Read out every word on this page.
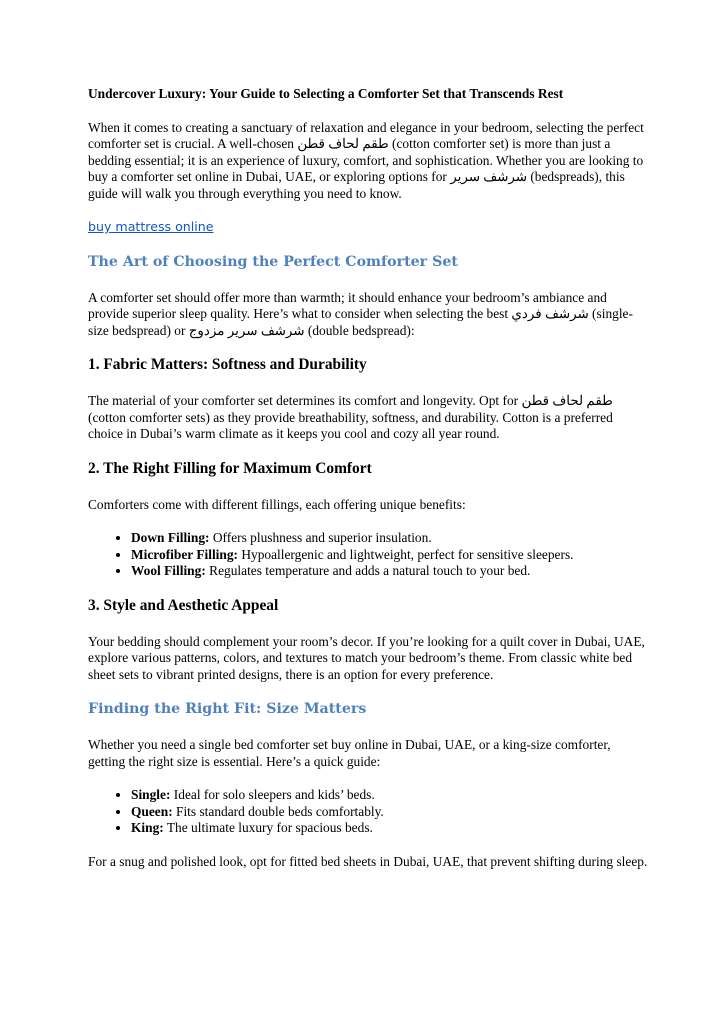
Undercover Luxury: Your Guide to Selecting a Comforter Set that Transcends Rest

When it comes to creating a sanctuary of relaxation and elegance in your bedroom, selecting the perfect comforter set is crucial. A well-chosen طقم لحاف قطن (cotton comforter set) is more than just a bedding essential; it is an experience of luxury, comfort, and sophistication. Whether you are looking to buy a comforter set online in Dubai, UAE, or exploring options for شرشف سرير (bedspreads), this guide will walk you through everything you need to know.

buy mattress online
The Art of Choosing the Perfect Comforter Set

A comforter set should offer more than warmth; it should enhance your bedroom’s ambiance and provide superior sleep quality. Here’s what to consider when selecting the best شرشف فردي (single-size bedspread) or شرشف سرير مزدوج (double bedspread):

1. Fabric Matters: Softness and Durability

The material of your comforter set determines its comfort and longevity. Opt for طقم لحاف قطن (cotton comforter sets) as they provide breathability, softness, and durability. Cotton is a preferred choice in Dubai’s warm climate as it keeps you cool and cozy all year round.

2. The Right Filling for Maximum Comfort

Comforters come with different fillings, each offering unique benefits:

• Down Filling: Offers plushness and superior insulation.
• Microfiber Filling: Hypoallergenic and lightweight, perfect for sensitive sleepers.
• Wool Filling: Regulates temperature and adds a natural touch to your bed.
3. Style and Aesthetic Appeal

Your bedding should complement your room’s decor. If you’re looking for a quilt cover in Dubai, UAE, explore various patterns, colors, and textures to match your bedroom’s theme. From classic white bed sheet sets to vibrant printed designs, there is an option for every preference.

Finding the Right Fit: Size Matters

Whether you need a single bed comforter set buy online in Dubai, UAE, or a king-size comforter, getting the right size is essential. Here’s a quick guide:

• Single: Ideal for solo sleepers and kids’ beds.
• Queen: Fits standard double beds comfortably.
• King: The ultimate luxury for spacious beds.

For a snug and polished look, opt for fitted bed sheets in Dubai, UAE, that prevent shifting during sleep.
